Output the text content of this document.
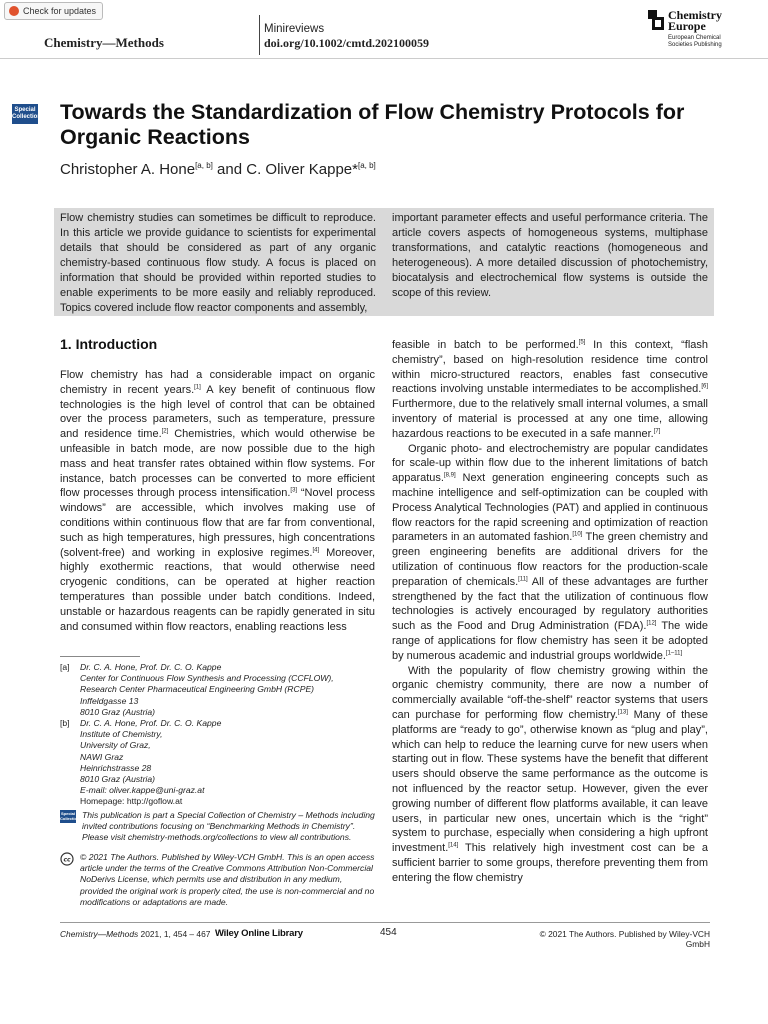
Check for updates
Chemistry—Methods
Minireviews
doi.org/10.1002/cmtd.202100059
Chemistry
Europe
European Chemical
Societies Publishing
Special
Collection Towards the Standardization of Flow Chemistry Protocols for Organic Reactions
Christopher A. Hone[a, b] and C. Oliver Kappe*[a, b]
Flow chemistry studies can sometimes be difficult to reproduce. In this article we provide guidance to scientists for experimental details that should be considered as part of any organic chemistry-based continuous flow study. A focus is placed on information that should be provided within reported studies to enable experiments to be more easily and reliably reproduced. Topics covered include flow reactor components and assembly,
important parameter effects and useful performance criteria. The article covers aspects of homogeneous systems, multiphase transformations, and catalytic reactions (homogeneous and heterogeneous). A more detailed discussion of photochemistry, biocatalysis and electrochemical flow systems is outside the scope of this review.
1. Introduction

Flow chemistry has had a considerable impact on organic chemistry in recent years.[1] A key benefit of continuous flow technologies is the high level of control that can be obtained over the process parameters, such as temperature, pressure and residence time.[2] Chemistries, which would otherwise be unfeasible in batch mode, are now possible due to the high mass and heat transfer rates obtained within flow systems. For instance, batch processes can be converted to more efficient flow processes through process intensification.[3] “Novel process windows” are accessible, which involves making use of conditions within continuous flow that are far from conventional, such as high temperatures, high pressures, high concentrations (solvent-free) and working in explosive regimes.[4] Moreover, highly exothermic reactions, that would otherwise need cryogenic conditions, can be operated at higher reaction temperatures than possible under batch conditions. Indeed, unstable or hazardous reagents can be rapidly generated in situ and consumed within flow reactors, enabling reactions less

feasible in batch to be performed.[5] In this context, “flash chemistry”, based on high-resolution residence time control within micro-structured reactors, enables fast consecutive reactions involving unstable intermediates to be accomplished.[6] Furthermore, due to the relatively small internal volumes, a small inventory of material is processed at any one time, allowing hazardous reactions to be executed in a safe manner.[7]

Organic photo- and electrochemistry are popular candidates for scale-up within flow due to the inherent limitations of batch apparatus.[8,9] Next generation engineering concepts such as machine intelligence and self-optimization can be coupled with Process Analytical Technologies (PAT) and applied in continuous flow reactors for the rapid screening and optimization of reaction parameters in an automated fashion.[10] The green chemistry and green engineering benefits are additional drivers for the utilization of continuous flow reactors for the production-scale preparation of chemicals.[11] All of these advantages are further strengthened by the fact that the utilization of continuous flow technologies is actively encouraged by regulatory authorities such as the Food and Drug Administration (FDA).[12] The wide range of applications for flow chemistry has seen it be adopted by numerous academic and industrial groups worldwide.[1–11]

With the popularity of flow chemistry growing within the organic chemistry community, there are now a number of commercially available “off-the-shelf” reactor systems that users can purchase for performing flow chemistry.[13] Many of these platforms are “ready to go”, otherwise known as “plug and play”, which can help to reduce the learning curve for new users when starting out in flow. These systems have the benefit that different users should observe the same performance as the outcome is not influenced by the reactor setup. However, given the ever growing number of different flow platforms available, it can leave users, in particular new ones, uncertain which is the “right” system to purchase, especially when considering a high upfront investment.[14] This relatively high investment cost can be a sufficient barrier to some groups, therefore preventing them from entering the flow chemistry

[a]	Dr. C. A. Hone, Prof. Dr. C. O. Kappe
Center for Continuous Flow Synthesis and Processing (CCFLOW),
Research Center Pharmaceutical Engineering GmbH (RCPE)
Inffeldgasse 13
8010 Graz (Austria)
[b]	Dr. C. A. Hone, Prof. Dr. C. O. Kappe
Institute of Chemistry,
University of Graz,
NAWI Graz
Heinrichstrasse 28
8010 Graz (Austria)
E-mail: oliver.kappe@uni-graz.at
Homepage: http://goflow.at
Special
Collection This publication is part a Special Collection of Chemistry – Methods including invited contributions focusing on “Benchmarking Methods in Chemistry”. Please visit chemistry-methods.org/collections to view all contributions.
cc © 2021 The Authors. Published by Wiley-VCH GmbH. This is an open access article under the terms of the Creative Commons Attribution Non-Commercial NoDerivs License, which permits use and distribution in any medium, provided the original work is properly cited, the use is non-commercial and no modifications or adaptations are made.
Chemistry—Methods 2021, 1, 454 – 467 Wiley Online Library	454	© 2021 The Authors. Published by Wiley-VCH GmbH
